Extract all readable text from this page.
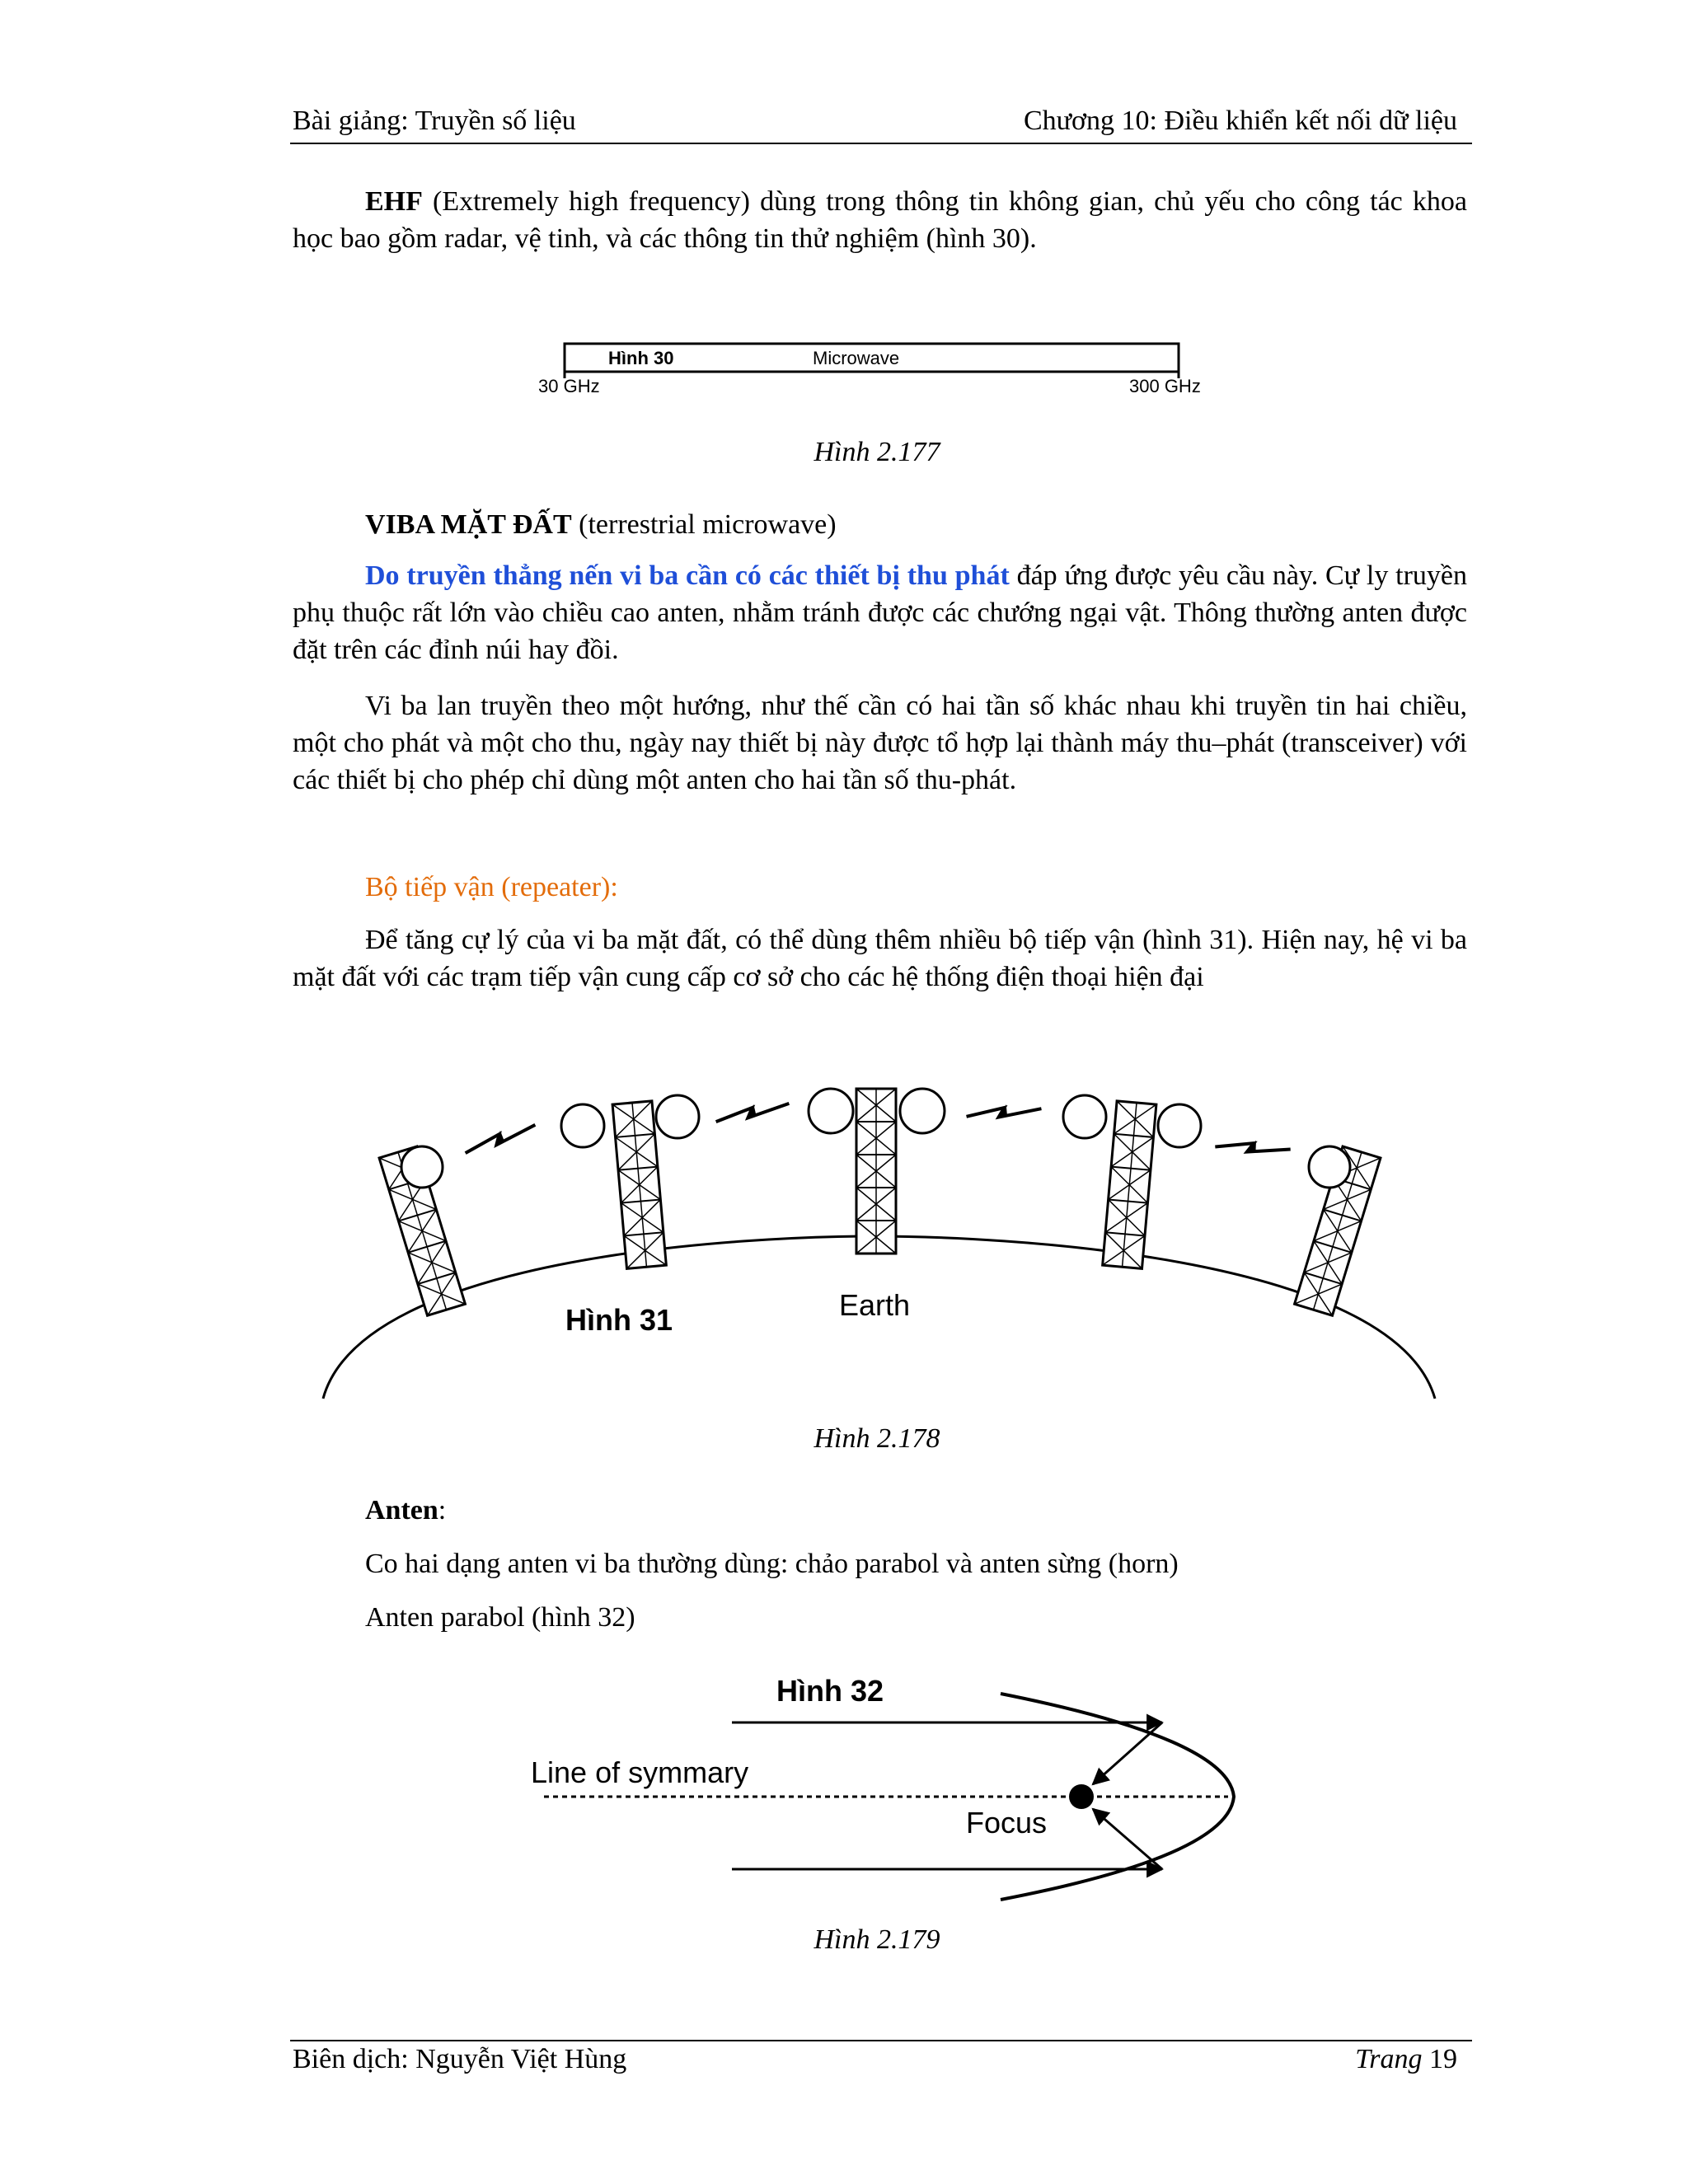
Bài giảng: Truyền số liệu	Chương 10: Điều khiển kết nối dữ liệu
EHF (Extremely high frequency) dùng trong thông tin không gian, chủ yếu cho công tác khoa học bao gồm radar, vệ tinh, và các thông tin thử nghiệm (hình 30).
Hình 30	Microwave
30 GHz	300 GHz
Hình 2.177
VIBA MẶT ĐẤT (terrestrial microwave)
Do truyền thẳng nến vi ba cần có các thiết bị thu phát đáp ứng được yêu cầu này. Cự ly truyền phụ thuộc rất lớn vào chiều cao anten, nhằm tránh được các chướng ngại vật. Thông thường anten được đặt trên các đỉnh núi hay đồi.
Vi ba lan truyền theo một hướng, như thế cần có hai tần số khác nhau khi truyền tin hai chiều, một cho phát và một cho thu, ngày nay thiết bị này được tổ hợp lại thành máy thu–phát (transceiver) với các thiết bị cho phép chỉ dùng một anten cho hai tần số thu-phát.
Bộ tiếp vận (repeater):
Để tăng cự lý của vi ba mặt đất, có thể dùng thêm nhiều bộ tiếp vận (hình 31). Hiện nay, hệ vi ba mặt đất với các trạm tiếp vận cung cấp cơ sở cho các hệ thống điện thoại hiện đại
Hình 31	Earth
Hình 2.178
Anten:
Co hai dạng anten vi ba thường dùng: chảo parabol và anten sừng (horn)
Anten parabol (hình 32)
Hình 32
Line of symmary
Focus
Hình 2.179
Biên dịch: Nguyễn Việt Hùng	Trang 19
